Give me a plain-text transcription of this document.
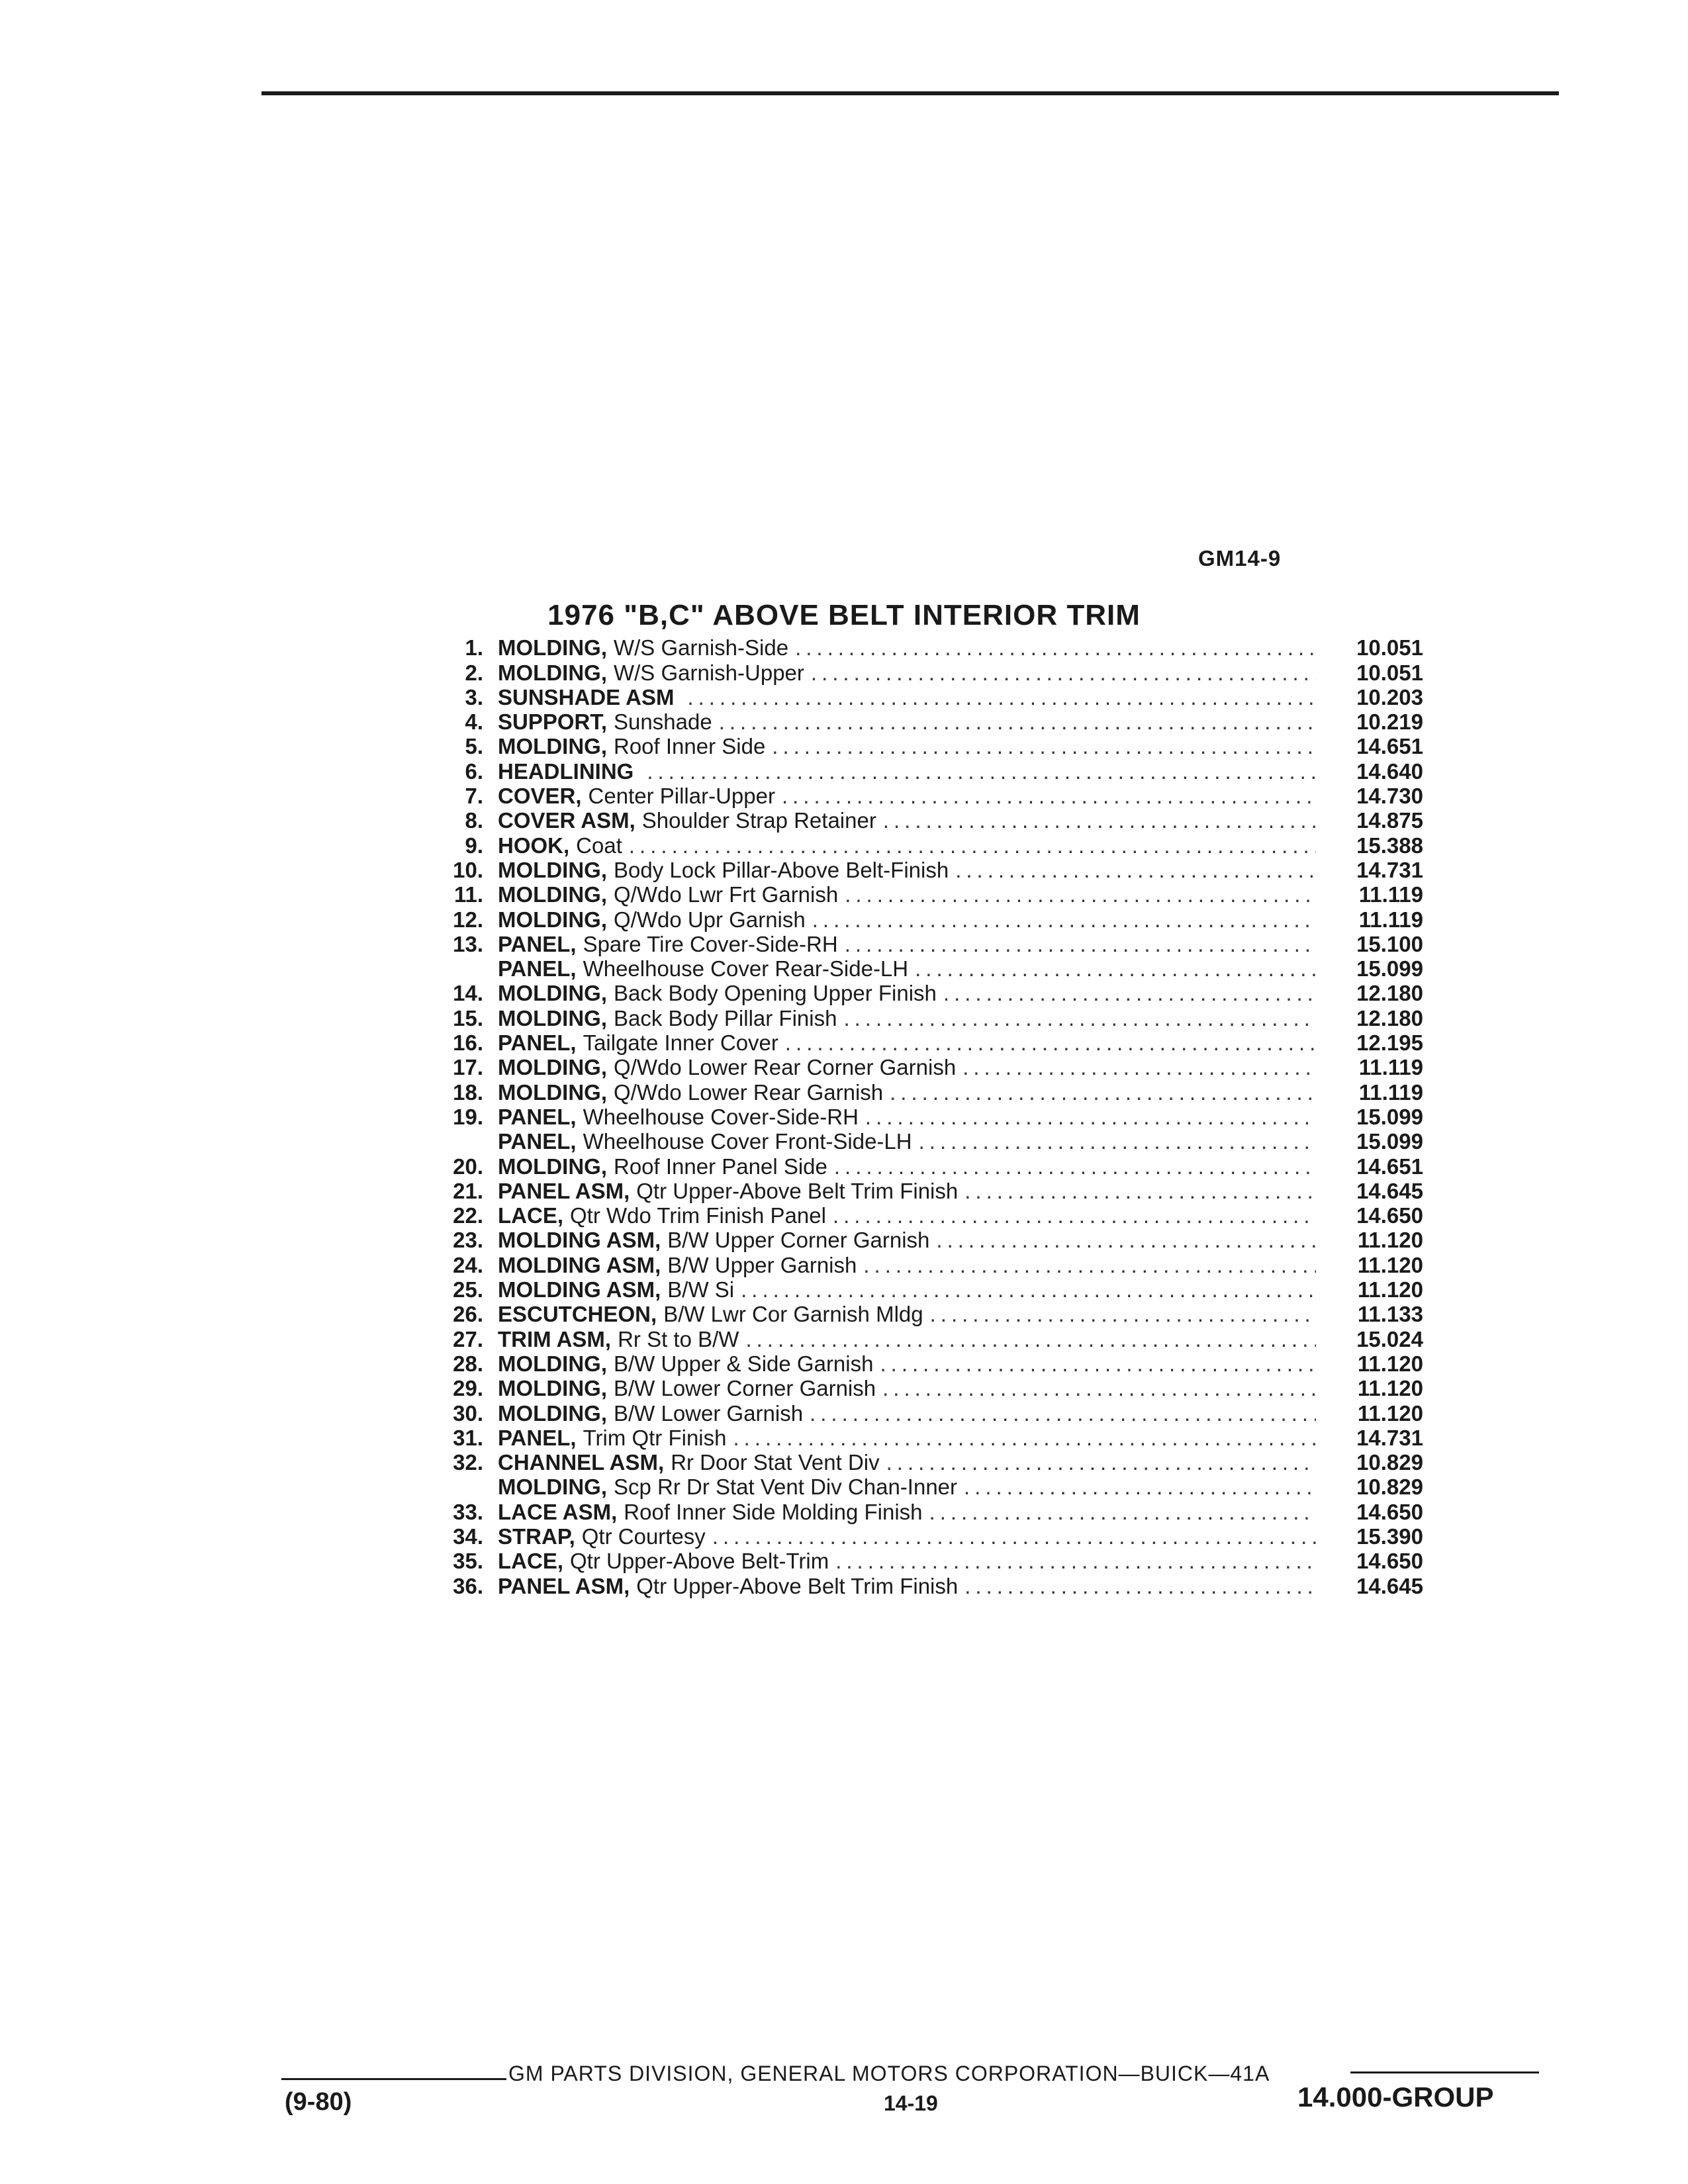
GM14-9
1976 "B,C" ABOVE BELT INTERIOR TRIM
1. MOLDING, W/S Garnish-Side .....	10.051
2. MOLDING, W/S Garnish-Upper .....	10.051
3. SUNSHADE ASM .....	10.203
4. SUPPORT, Sunshade .....	10.219
5. MOLDING, Roof Inner Side .....	14.651
6. HEADLINING .....	14.640
7. COVER, Center Pillar-Upper .....	14.730
8. COVER ASM, Shoulder Strap Retainer .....	14.875
9. HOOK, Coat .....	15.388
10. MOLDING, Body Lock Pillar-Above Belt-Finish .....	14.731
11. MOLDING, Q/Wdo Lwr Frt Garnish .....	11.119
12. MOLDING, Q/Wdo Upr Garnish .....	11.119
13. PANEL, Spare Tire Cover-Side-RH .....	15.100
PANEL, Wheelhouse Cover Rear-Side-LH .....	15.099
14. MOLDING, Back Body Opening Upper Finish .....	12.180
15. MOLDING, Back Body Pillar Finish .....	12.180
16. PANEL, Tailgate Inner Cover .....	12.195
17. MOLDING, Q/Wdo Lower Rear Corner Garnish .....	11.119
18. MOLDING, Q/Wdo Lower Rear Garnish .....	11.119
19. PANEL, Wheelhouse Cover-Side-RH .....	15.099
PANEL, Wheelhouse Cover Front-Side-LH .....	15.099
20. MOLDING, Roof Inner Panel Side .....	14.651
21. PANEL ASM, Qtr Upper-Above Belt Trim Finish .....	14.645
22. LACE, Qtr Wdo Trim Finish Panel .....	14.650
23. MOLDING ASM, B/W Upper Corner Garnish .....	11.120
24. MOLDING ASM, B/W Upper Garnish .....	11.120
25. MOLDING ASM, B/W Si .....	11.120
26. ESCUTCHEON, B/W Lwr Cor Garnish Mldg .....	11.133
27. TRIM ASM, Rr St to B/W .....	15.024
28. MOLDING, B/W Upper & Side Garnish .....	11.120
29. MOLDING, B/W Lower Corner Garnish .....	11.120
30. MOLDING, B/W Lower Garnish .....	11.120
31. PANEL, Trim Qtr Finish .....	14.731
32. CHANNEL ASM, Rr Door Stat Vent Div .....	10.829
MOLDING, Scp Rr Dr Stat Vent Div Chan-Inner .....	10.829
33. LACE ASM, Roof Inner Side Molding Finish .....	14.650
34. STRAP, Qtr Courtesy .....	15.390
35. LACE, Qtr Upper-Above Belt-Trim .....	14.650
36. PANEL ASM, Qtr Upper-Above Belt Trim Finish .....	14.645
GM PARTS DIVISION, GENERAL MOTORS CORPORATION—BUICK—41A
(9-80)	14-19	14.000-GROUP
